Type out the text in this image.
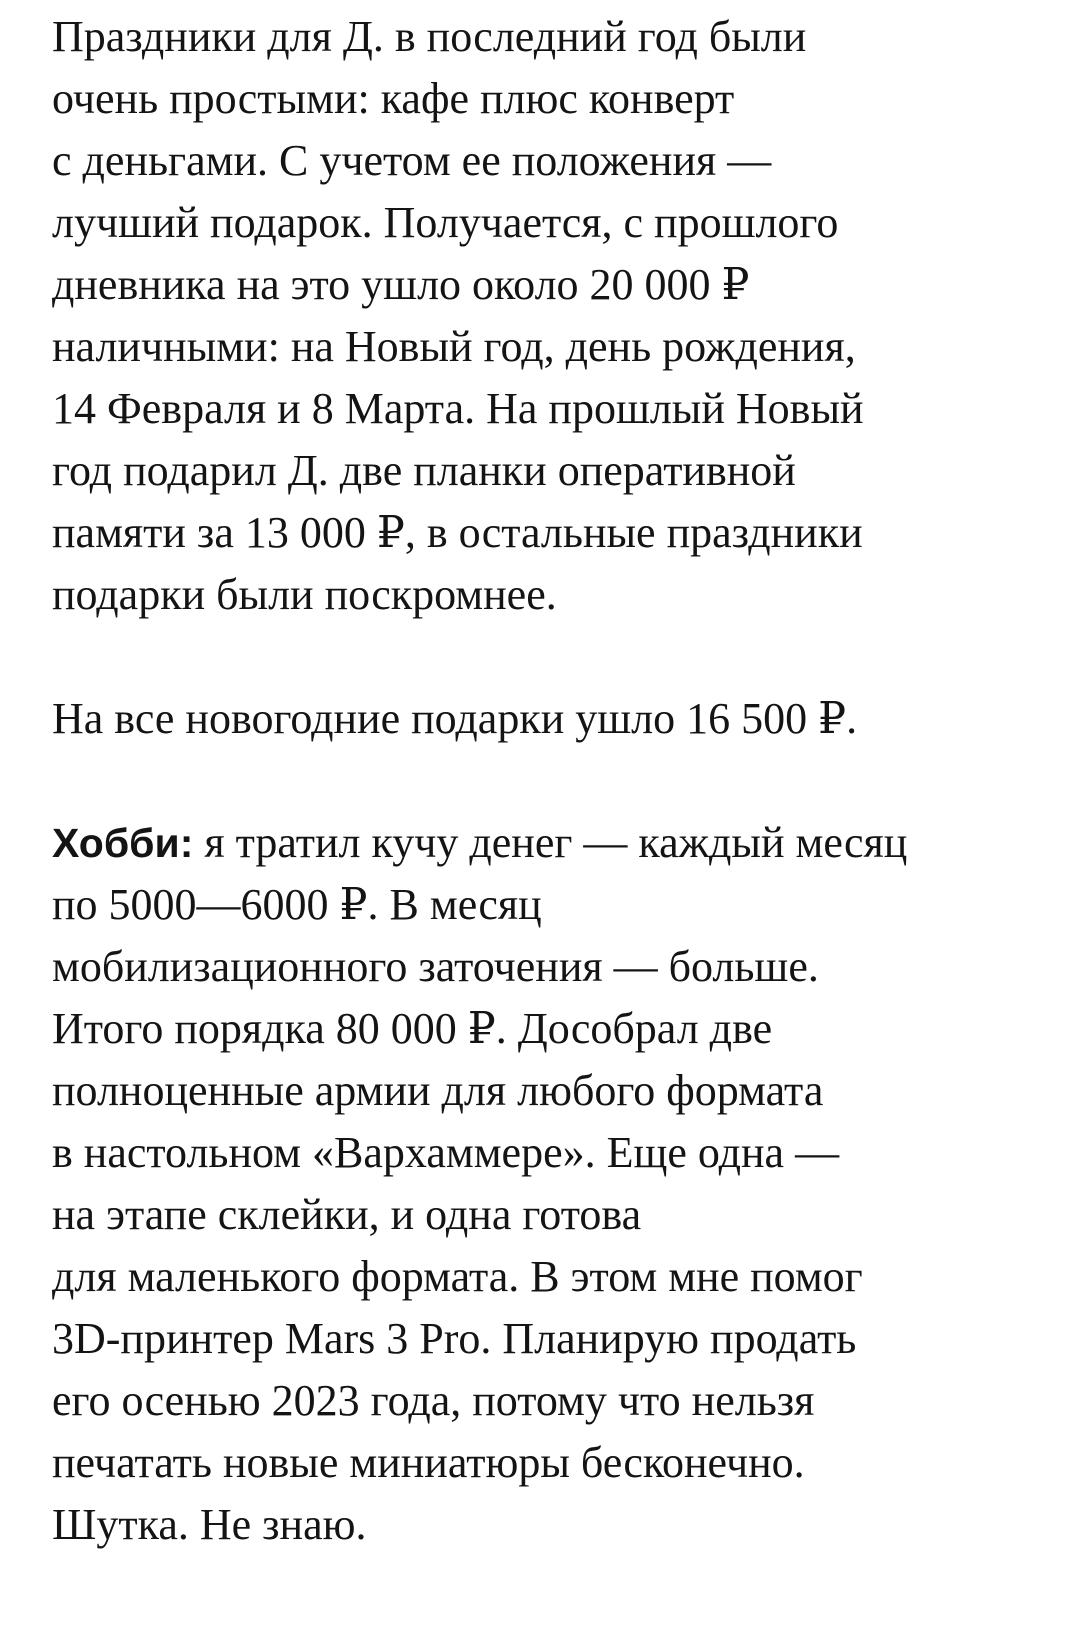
Праздники для Д. в последний год были
очень простыми: кафе плюс конверт
с деньгами. С учетом ее положения —
лучший подарок. Получается, с прошлого
дневника на это ушло около 20 000 ₽
наличными: на Новый год, день рождения,
14 Февраля и 8 Марта. На прошлый Новый
год подарил Д. две планки оперативной
памяти за 13 000 ₽, в остальные праздники
подарки были поскромнее.

На все новогодние подарки ушло 16 500 ₽.

Хобби: я тратил кучу денег — каждый месяц
по 5000—6000 ₽. В месяц
мобилизационного заточения — больше.
Итого порядка 80 000 ₽. Дособрал две
полноценные армии для любого формата
в настольном «Вархаммере». Еще одна —
на этапе склейки, и одна готова
для маленького формата. В этом мне помог
3D-принтер Mars 3 Pro. Планирую продать
его осенью 2023 года, потому что нельзя
печатать новые миниатюры бесконечно.
Шутка. Не знаю.
